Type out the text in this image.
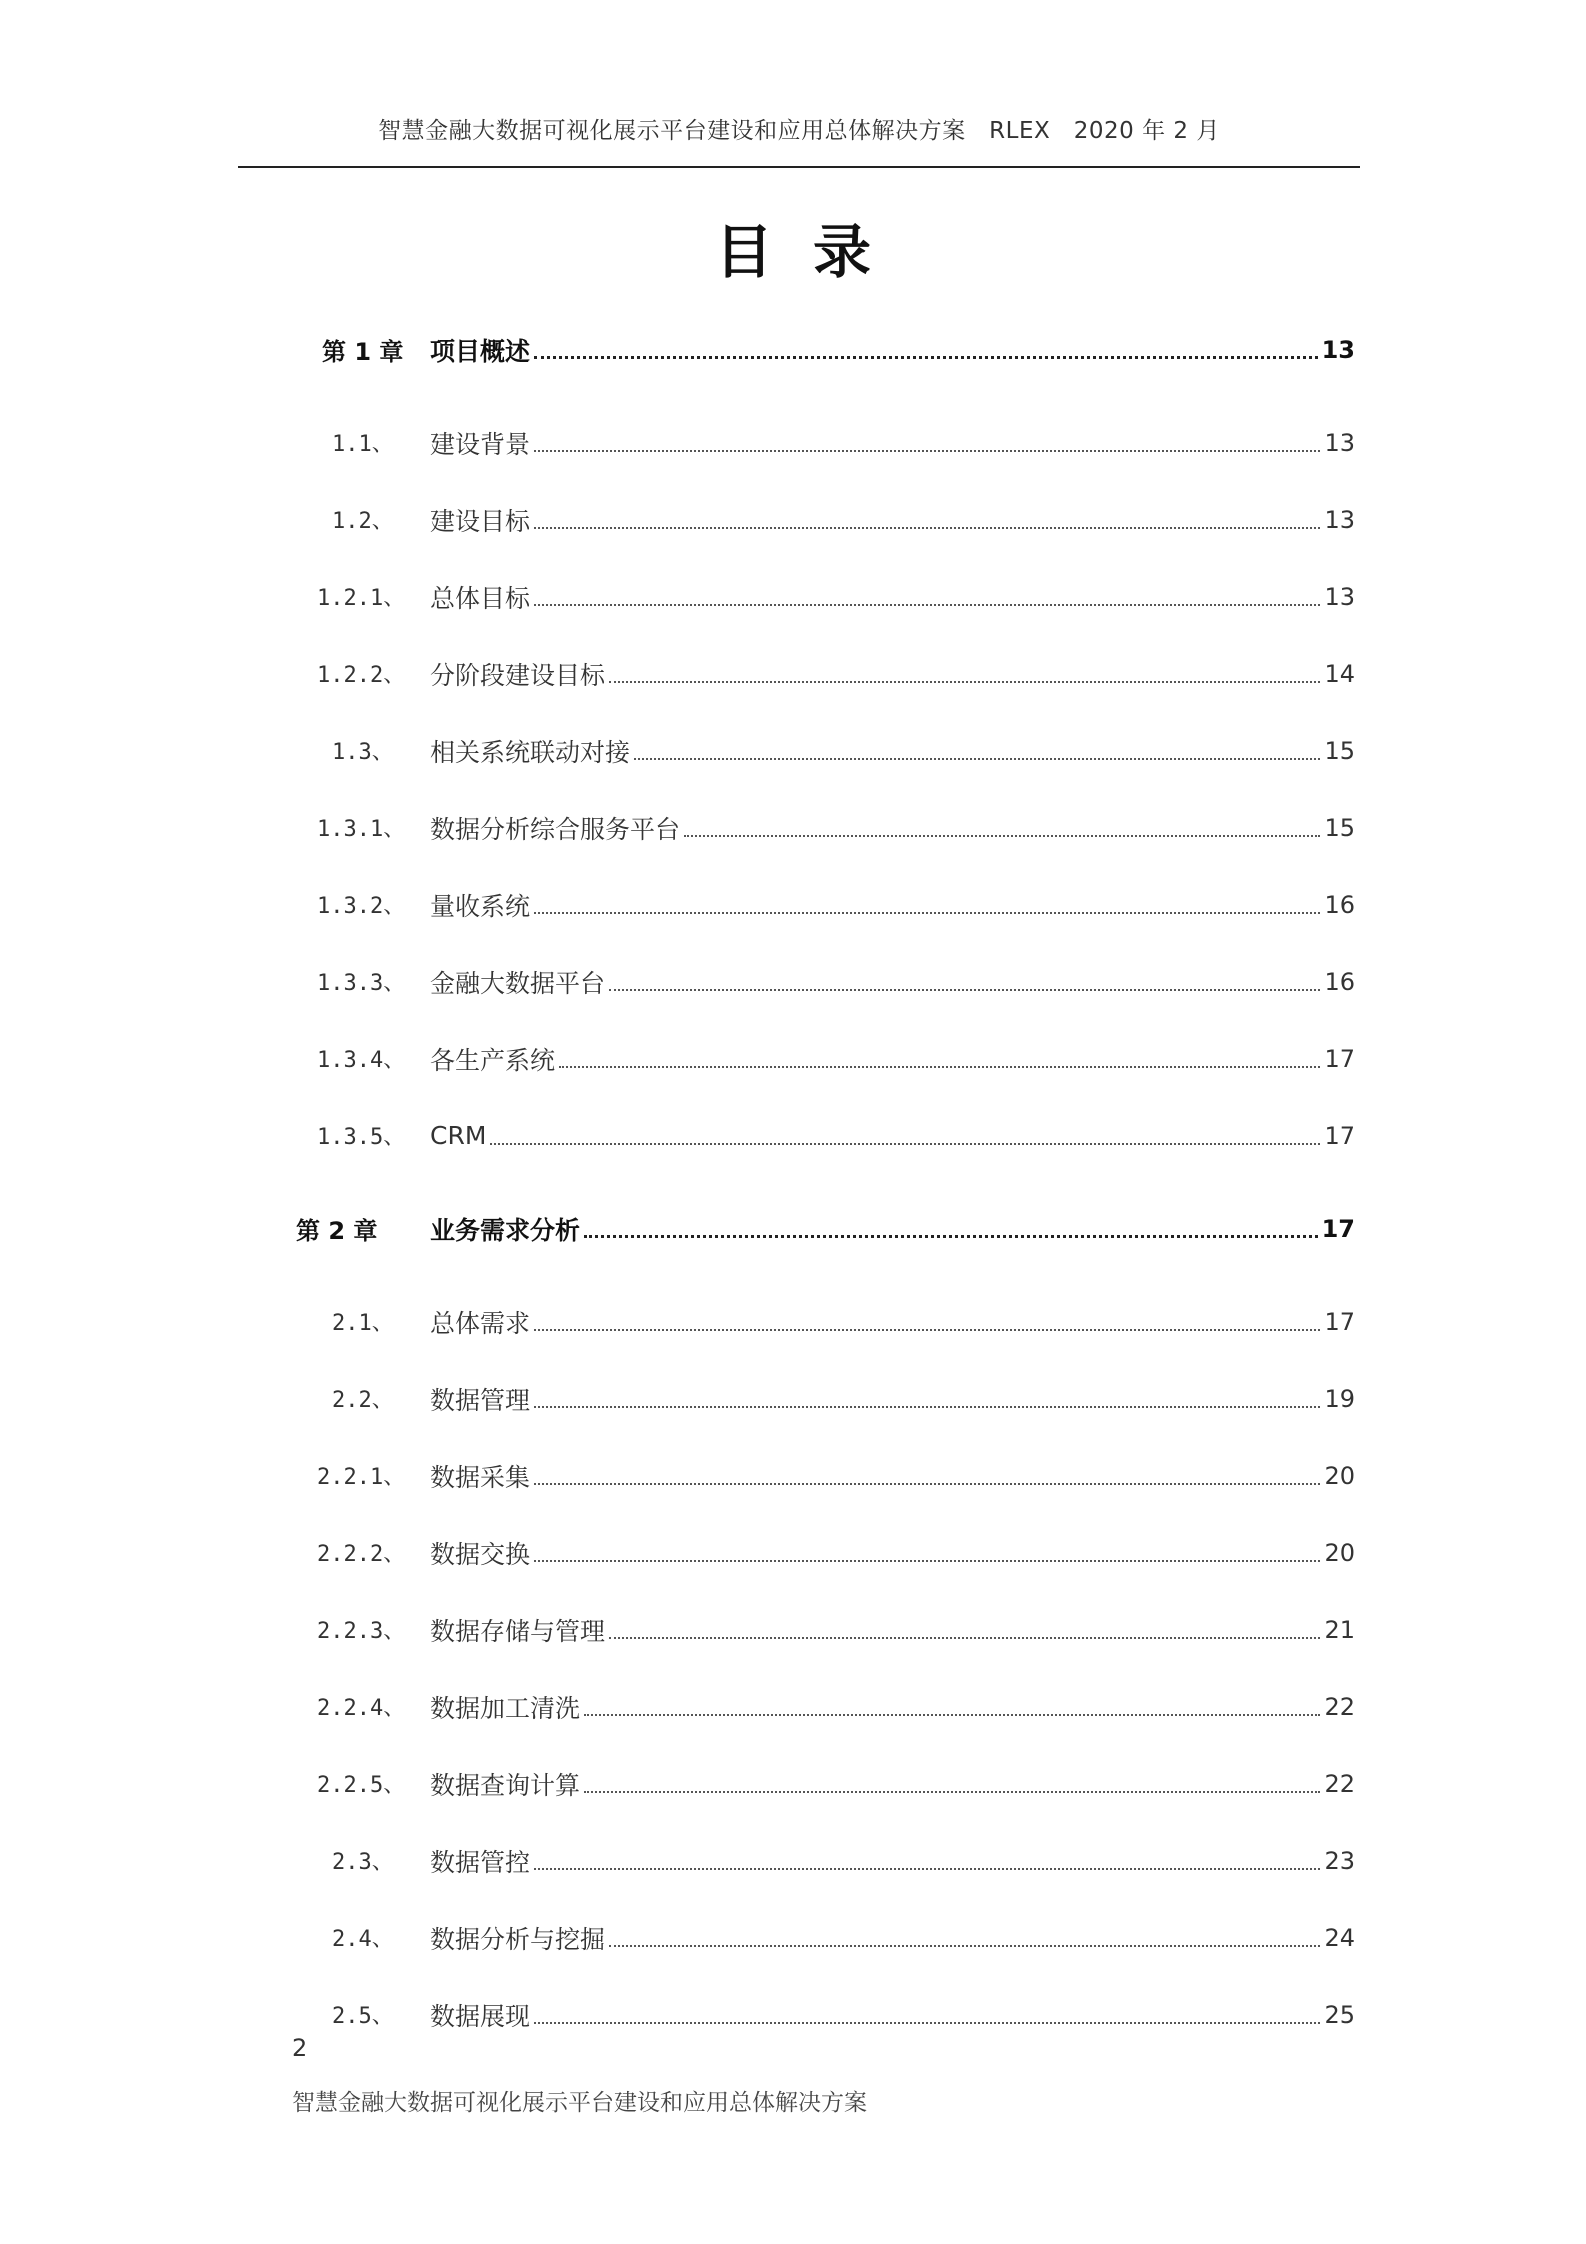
智慧金融大数据可视化展示平台建设和应用总体解决方案　RLEX　2020 年 2 月
目录
第 1 章	项目概述	13
1.1、	建设背景	13
1.2、	建设目标	13
1.2.1、 总体目标	13
1.2.2、 分阶段建设目标	14
1.3、	相关系统联动对接	15
1.3.1、 数据分析综合服务平台	15
1.3.2、 量收系统	16
1.3.3、 金融大数据平台	16
1.3.4、 各生产系统	17
1.3.5、 CRM	17
第 2 章	业务需求分析	17
2.1、	总体需求	17
2.2、	数据管理	19
2.2.1、 数据采集	20
2.2.2、 数据交换	20
2.2.3、 数据存储与管理	21
2.2.4、 数据加工清洗	22
2.2.5、 数据查询计算	22
2.3、	数据管控	23
2.4、	数据分析与挖掘	24
2.5、	数据展现	25
2
智慧金融大数据可视化展示平台建设和应用总体解决方案
